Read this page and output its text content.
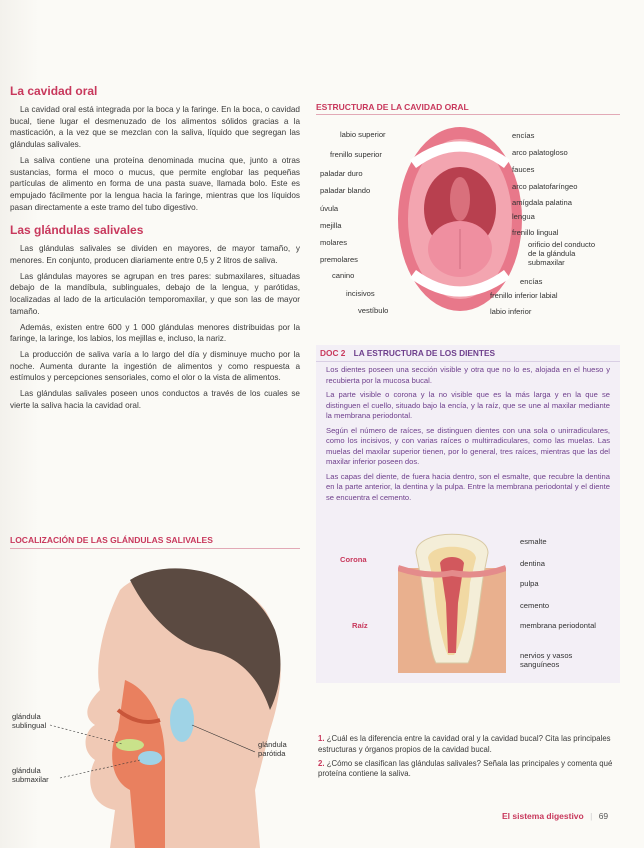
La cavidad oral

La cavidad oral está integrada por la boca y la faringe. En la boca, o cavidad bucal, tiene lugar el desmenuzado de los alimentos sólidos gracias a la masticación, a la vez que se mezclan con la saliva, líquido que segregan las glándulas salivales.

La saliva contiene una proteína denominada mucina que, junto a otras sustancias, forma el moco o mucus, que permite englobar las pequeñas partículas de alimento en forma de una pasta suave, llamada bolo. Este es empujado fácilmente por la lengua hacia la faringe, mientras que los líquidos pasan directamente a este tramo del tubo digestivo.

Las glándulas salivales

Las glándulas salivales se dividen en mayores, de mayor tamaño, y menores. En conjunto, producen diariamente entre 0,5 y 2 litros de saliva.

Las glándulas mayores se agrupan en tres pares: submaxilares, situadas debajo de la mandíbula, sublinguales, debajo de la lengua, y parótidas, localizadas al lado de la articulación temporomaxilar, y que son las de mayor tamaño.

Además, existen entre 600 y 1 000 glándulas menores distribuidas por la faringe, la laringe, los labios, los mejillas e, incluso, la nariz.

La producción de saliva varía a lo largo del día y disminuye mucho por la noche. Aumenta durante la ingestión de alimentos y como respuesta a estímulos y percepciones sensoriales, como el olor o la vista de alimentos.

Las glándulas salivales poseen unos conductos a través de los cuales se vierte la saliva hacia la cavidad oral.

LOCALIZACIÓN DE LAS GLÁNDULAS SALIVALES
glándula sublingual
glándula submaxilar
glándula parótida
ESTRUCTURA DE LA CAVIDAD ORAL
labio superior
frenillo superior
paladar duro
paladar blando
úvula
mejilla
molares
premolares
canino
incisivos
vestíbulo
encías
arco palatogloso
fauces
arco palatofaríngeo
amígdala palatina
lengua
frenillo lingual
orificio del conducto de la glándula submaxilar
encías
frenillo inferior labial
labio inferior
DOC 2 LA ESTRUCTURA DE LOS DIENTES

Los dientes poseen una sección visible y otra que no lo es, alojada en el hueso y recubierta por la mucosa bucal.

La parte visible o corona y la no visible que es la más larga y en la que se distinguen el cuello, situado bajo la encía, y la raíz, que se une al maxilar mediante la membrana periodontal.

Según el número de raíces, se distinguen dientes con una sola o unirradiculares, como los incisivos, y con varias raíces o multirradiculares, como las muelas. Las muelas del maxilar superior tienen, por lo general, tres raíces, mientras que las del maxilar inferior poseen dos.

Las capas del diente, de fuera hacia dentro, son el esmalte, que recubre la dentina en la parte anterior, la dentina y la pulpa. Entre la membrana periodontal y el diente se encuentra el cemento.

Corona
Raíz
esmalte
dentina
pulpa
cemento
membrana periodontal
nervios y vasos sanguíneos
1. ¿Cuál es la diferencia entre la cavidad oral y la cavidad bucal? Cita las principales estructuras y órganos propios de la cavidad bucal.
2. ¿Cómo se clasifican las glándulas salivales? Señala las principales y comenta qué proteína contiene la saliva.
El sistema digestivo | 69
